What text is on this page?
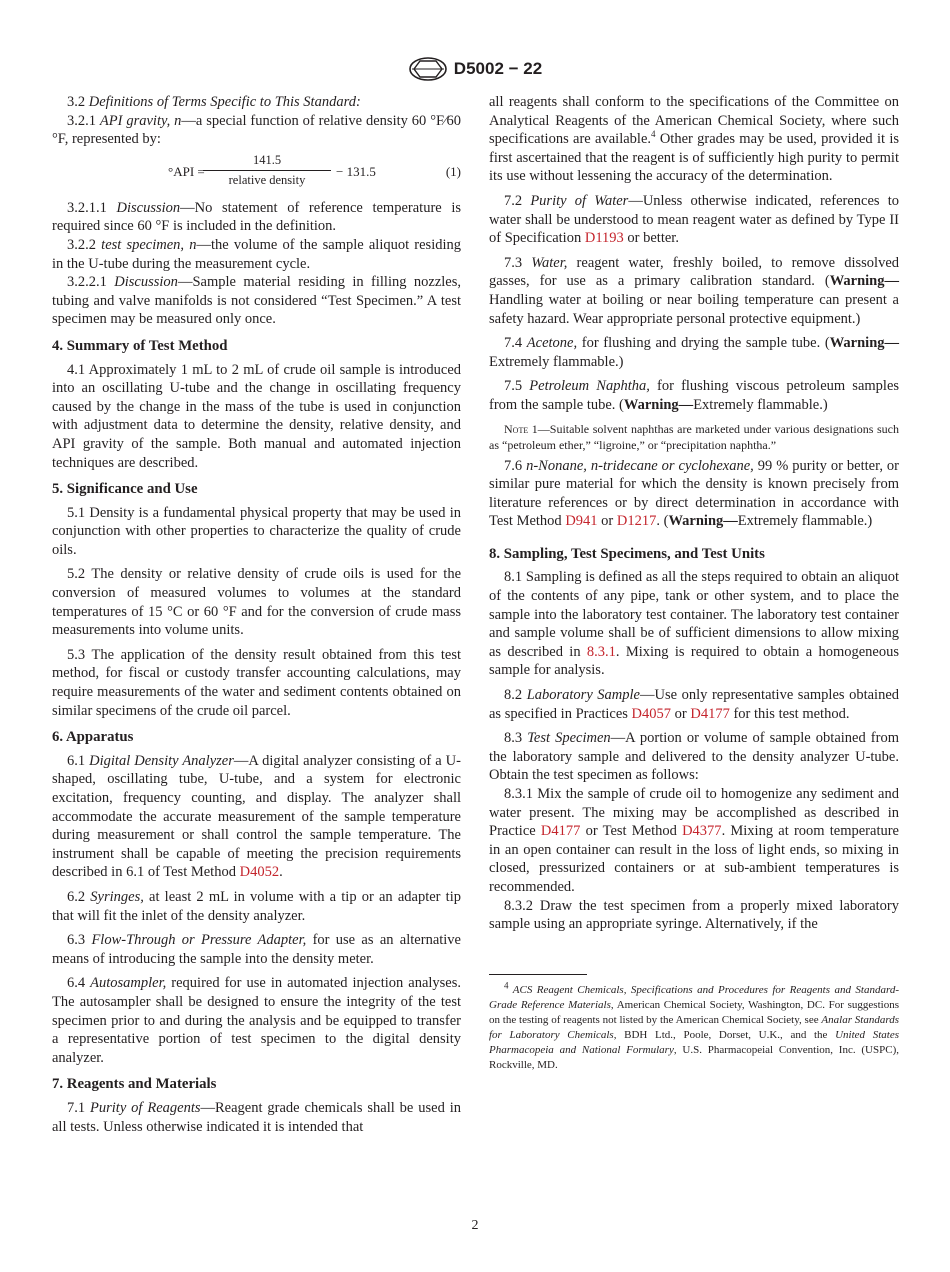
D5002 − 22

3.2 Definitions of Terms Specific to This Standard:

3.2.1 API gravity, n—a special function of relative density 60 °F⁄60 °F, represented by:

°API =
141.5
relative density
− 131.5	(1)

3.2.1.1 Discussion—No statement of reference temperature is required since 60 °F is included in the definition.

3.2.2 test specimen, n—the volume of the sample aliquot residing in the U-tube during the measurement cycle.

3.2.2.1 Discussion—Sample material residing in filling nozzles, tubing and valve manifolds is not considered “Test Specimen.” A test specimen may be measured only once.

4. Summary of Test Method

4.1 Approximately 1 mL to 2 mL of crude oil sample is introduced into an oscillating U-tube and the change in oscillating frequency caused by the change in the mass of the tube is used in conjunction with adjustment data to determine the density, relative density, and API gravity of the sample. Both manual and automated injection techniques are described.

5. Significance and Use

5.1 Density is a fundamental physical property that may be used in conjunction with other properties to characterize the quality of crude oils.

5.2 The density or relative density of crude oils is used for the conversion of measured volumes to volumes at the standard temperatures of 15 °C or 60 °F and for the conversion of crude mass measurements into volume units.

5.3 The application of the density result obtained from this test method, for fiscal or custody transfer accounting calculations, may require measurements of the water and sediment contents obtained on similar specimens of the crude oil parcel.

6. Apparatus

6.1 Digital Density Analyzer—A digital analyzer consisting of a U-shaped, oscillating tube, U-tube, and a system for electronic excitation, frequency counting, and display. The analyzer shall accommodate the accurate measurement of the sample temperature during measurement or shall control the sample temperature. The instrument shall be capable of meeting the precision requirements described in 6.1 of Test Method D4052.

6.2 Syringes, at least 2 mL in volume with a tip or an adapter tip that will fit the inlet of the density analyzer.

6.3 Flow-Through or Pressure Adapter, for use as an alternative means of introducing the sample into the density meter.

6.4 Autosampler, required for use in automated injection analyses. The autosampler shall be designed to ensure the integrity of the test specimen prior to and during the analysis and be equipped to transfer a representative portion of test specimen to the digital density analyzer.

7. Reagents and Materials

7.1 Purity of Reagents—Reagent grade chemicals shall be used in all tests. Unless otherwise indicated it is intended that

all reagents shall conform to the specifications of the Committee on Analytical Reagents of the American Chemical Society, where such specifications are available.$^4$ Other grades may be used, provided it is first ascertained that the reagent is of sufficiently high purity to permit its use without lessening the accuracy of the determination.

7.2 Purity of Water—Unless otherwise indicated, references to water shall be understood to mean reagent water as defined by Type II of Specification D1193 or better.

7.3 Water, reagent water, freshly boiled, to remove dissolved gasses, for use as a primary calibration standard. (Warning—Handling water at boiling or near boiling temperature can present a safety hazard. Wear appropriate personal protective equipment.)

7.4 Acetone, for flushing and drying the sample tube. (Warning—Extremely flammable.)

7.5 Petroleum Naphtha, for flushing viscous petroleum samples from the sample tube. (Warning—Extremely flammable.)

Note 1—Suitable solvent naphthas are marketed under various designations such as “petroleum ether,” “ligroine,” or “precipitation naphtha.”

7.6 n-Nonane, n-tridecane or cyclohexane, 99 % purity or better, or similar pure material for which the density is known precisely from literature references or by direct determination in accordance with Test Method D941 or D1217. (Warning—Extremely flammable.)

8. Sampling, Test Specimens, and Test Units

8.1 Sampling is defined as all the steps required to obtain an aliquot of the contents of any pipe, tank or other system, and to place the sample into the laboratory test container. The laboratory test container and sample volume shall be of sufficient dimensions to allow mixing as described in 8.3.1. Mixing is required to obtain a homogeneous sample for analysis.

8.2 Laboratory Sample—Use only representative samples obtained as specified in Practices D4057 or D4177 for this test method.

8.3 Test Specimen—A portion or volume of sample obtained from the laboratory sample and delivered to the density analyzer U-tube. Obtain the test specimen as follows:

8.3.1 Mix the sample of crude oil to homogenize any sediment and water present. The mixing may be accomplished as described in Practice D4177 or Test Method D4377. Mixing at room temperature in an open container can result in the loss of light ends, so mixing in closed, pressurized containers or at sub-ambient temperatures is recommended.

8.3.2 Draw the test specimen from a properly mixed laboratory sample using an appropriate syringe. Alternatively, if the

$^4$ ACS Reagent Chemicals, Specifications and Procedures for Reagents and Standard-Grade Reference Materials, American Chemical Society, Washington, DC. For suggestions on the testing of reagents not listed by the American Chemical Society, see Analar Standards for Laboratory Chemicals, BDH Ltd., Poole, Dorset, U.K., and the United States Pharmacopeia and National Formulary, U.S. Pharmacopeial Convention, Inc. (USPC), Rockville, MD.

2
